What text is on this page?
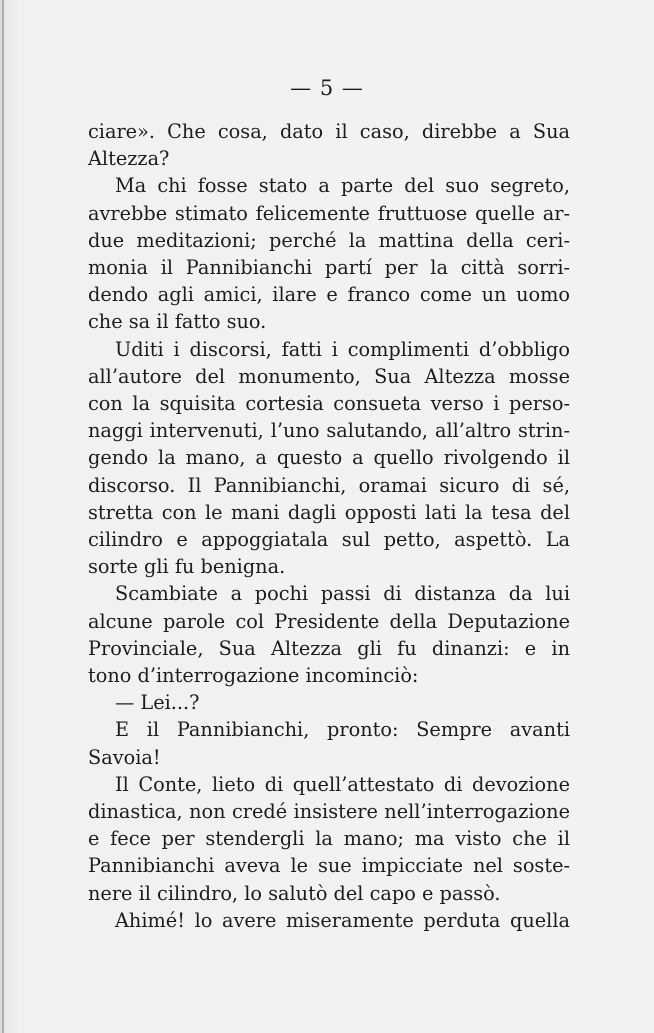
— 5 —

ciare». Che cosa, dato il caso, direbbe a Sua

Altezza?

Ma chi fosse stato a parte del suo segreto,

avrebbe stimato felicemente fruttuose quelle ar-

due meditazioni; perché la mattina della ceri-

monia il Pannibianchi partí per la città sorri-

dendo agli amici, ilare e franco come un uomo

che sa il fatto suo.

Uditi i discorsi, fatti i complimenti d’obbligo

all’autore del monumento, Sua Altezza mosse

con la squisita cortesia consueta verso i perso-

naggi intervenuti, l’uno salutando, all’altro strin-

gendo la mano, a questo a quello rivolgendo il

discorso. Il Pannibianchi, oramai sicuro di sé,

stretta con le mani dagli opposti lati la tesa del

cilindro e appoggiatala sul petto, aspettò. La

sorte gli fu benigna.

Scambiate a pochi passi di distanza da lui

alcune parole col Presidente della Deputazione

Provinciale, Sua Altezza gli fu dinanzi: e in

tono d’interrogazione incominciò:

— Lei...?

E il Pannibianchi, pronto: Sempre avanti

Savoia!

Il Conte, lieto di quell’attestato di devozione

dinastica, non credé insistere nell’interrogazione

e fece per stendergli la mano; ma visto che il

Pannibianchi aveva le sue impicciate nel soste-

nere il cilindro, lo salutò del capo e passò.

Ahimé! lo avere miseramente perduta quella
